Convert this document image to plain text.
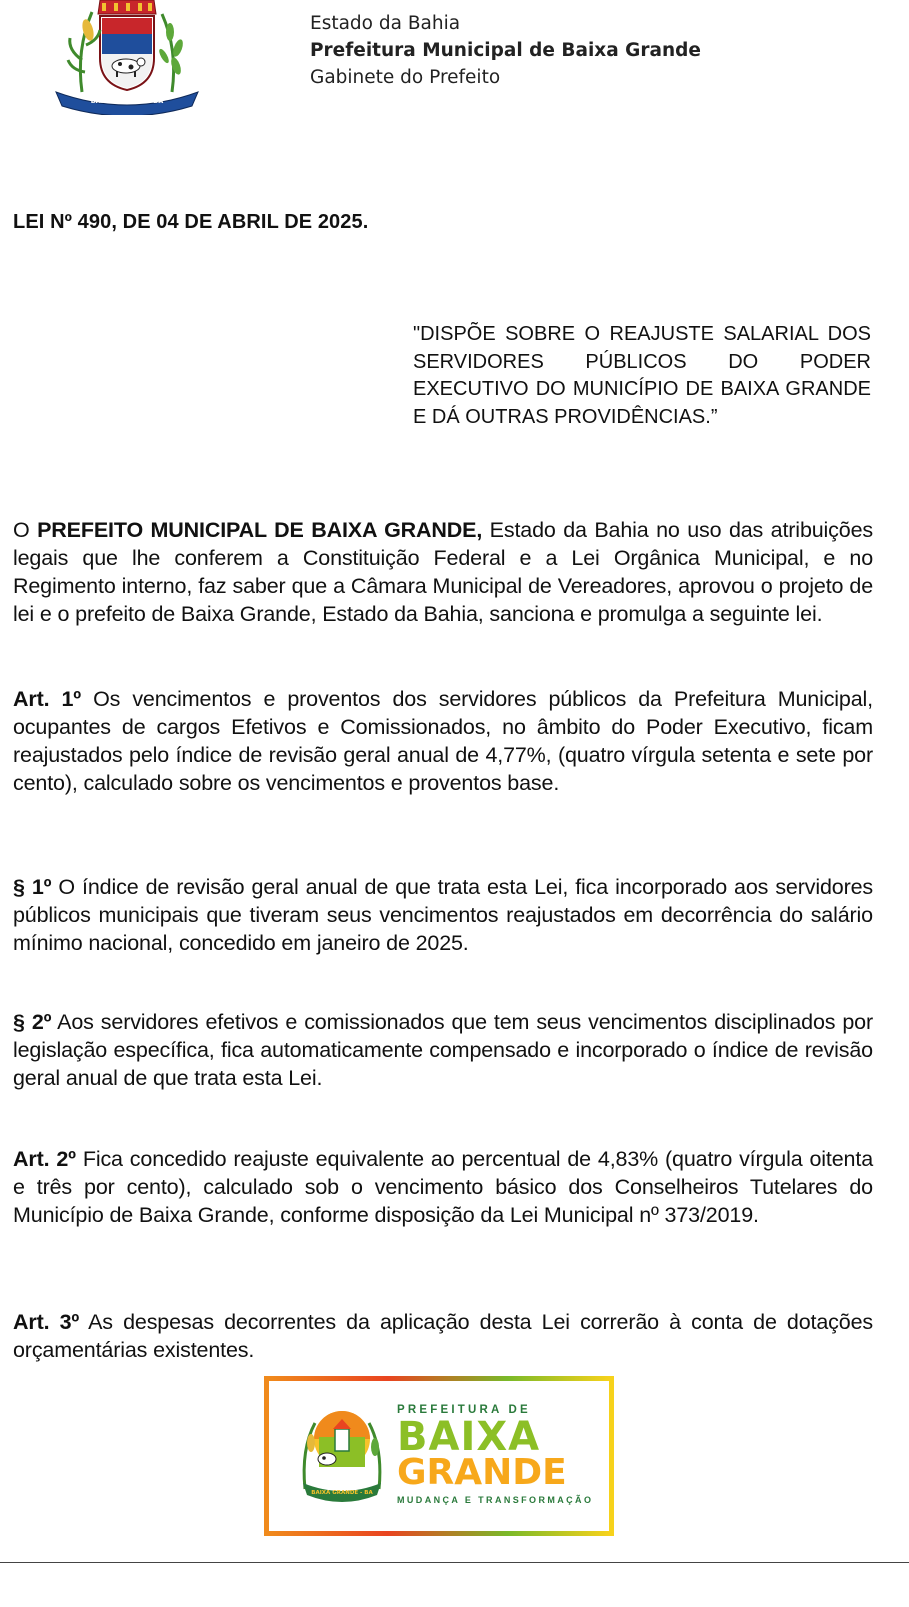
BAIXA GRANDE - BA
Estado da Bahia
Prefeitura Municipal de Baixa Grande
Gabinete do Prefeito
LEI Nº 490, DE 04 DE ABRIL DE 2025.
"DISPÕE SOBRE O REAJUSTE SALARIAL DOS SERVIDORES PÚBLICOS DO PODER EXECUTIVO DO MUNICÍPIO DE BAIXA GRANDE E DÁ OUTRAS PROVIDÊNCIAS.”
O PREFEITO MUNICIPAL DE BAIXA GRANDE, Estado da Bahia no uso das atribuições legais que lhe conferem a Constituição Federal e a Lei Orgânica Municipal, e no Regimento interno, faz saber que a Câmara Municipal de Vereadores, aprovou o projeto de lei e o prefeito de Baixa Grande, Estado da Bahia, sanciona e promulga a seguinte lei.
Art. 1º Os vencimentos e proventos dos servidores públicos da Prefeitura Municipal, ocupantes de cargos Efetivos e Comissionados, no âmbito do Poder Executivo, ficam reajustados pelo índice de revisão geral anual de 4,77%, (quatro vírgula setenta e sete por cento), calculado sobre os vencimentos e proventos base.
§ 1º O índice de revisão geral anual de que trata esta Lei, fica incorporado aos servidores públicos municipais que tiveram seus vencimentos reajustados em decorrência do salário mínimo nacional, concedido em janeiro de 2025.
§ 2º Aos servidores efetivos e comissionados que tem seus vencimentos disciplinados por legislação específica, fica automaticamente compensado e incorporado o índice de revisão geral anual de que trata esta Lei.
Art. 2º Fica concedido reajuste equivalente ao percentual de 4,83% (quatro vírgula oitenta e três por cento), calculado sob o vencimento básico dos Conselheiros Tutelares do Município de Baixa Grande, conforme disposição da Lei Municipal nº 373/2019.
Art. 3º As despesas decorrentes da aplicação desta Lei correrão à conta de dotações orçamentárias existentes.
BAIXA GRANDE - BA
PREFEITURA DE
BAIXA
GRANDE
MUDANÇA E TRANSFORMAÇÃO
